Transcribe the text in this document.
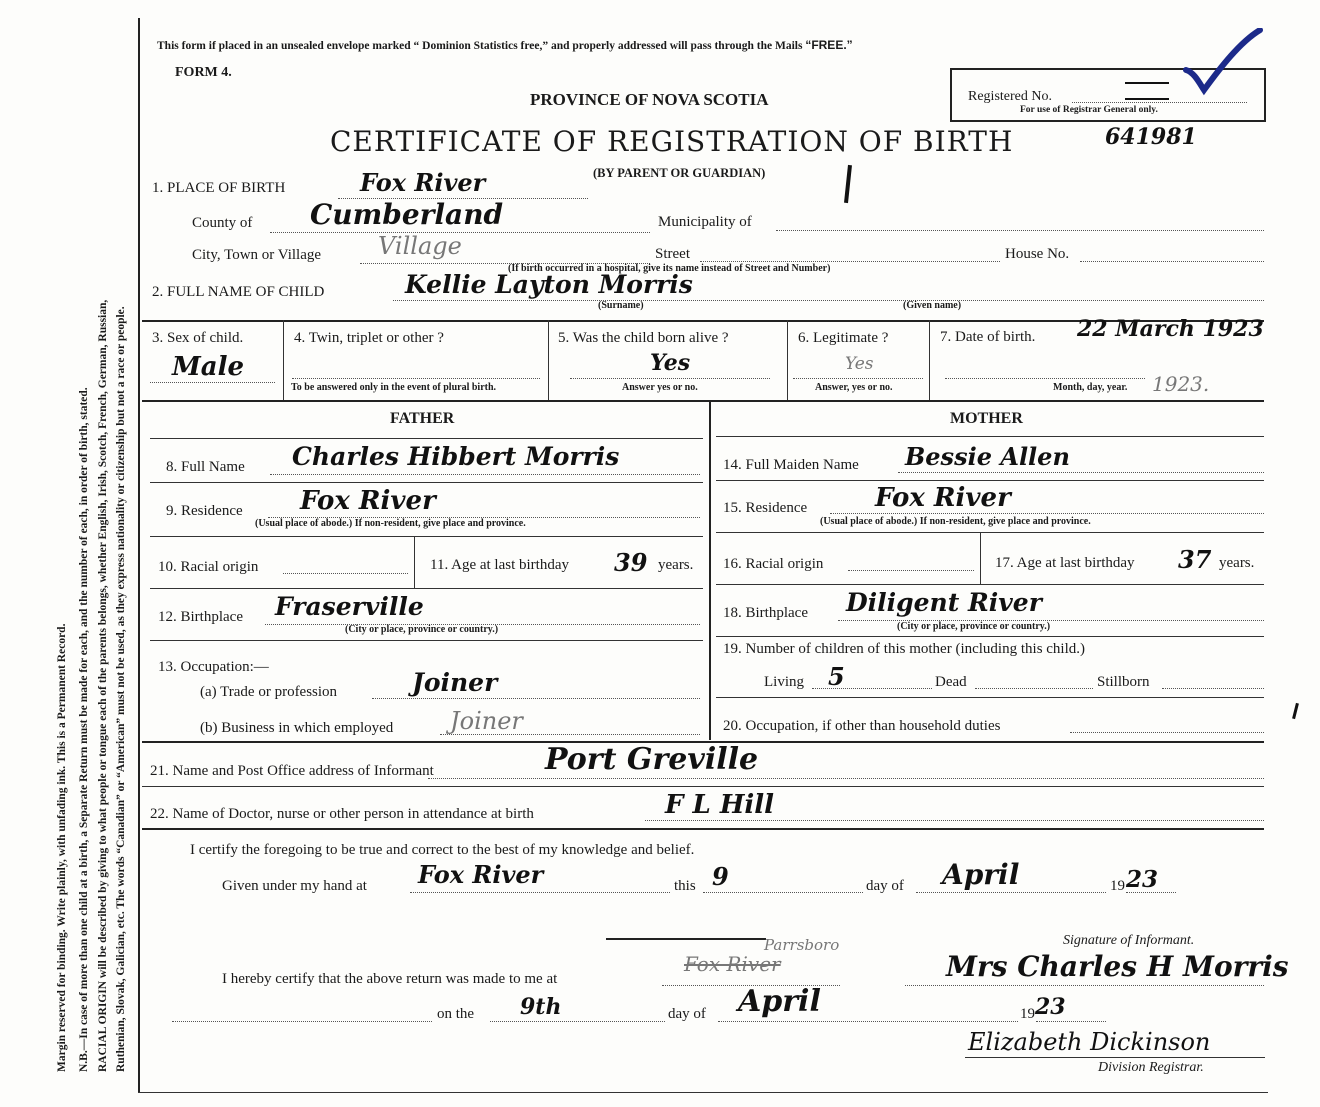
Margin reserved for binding. Write plainly, with unfading ink. This is a Permanent Record. N.B.—In case of more than one child at a birth, a Separate Return must be made for each, and the number of each, in order of birth, stated. RACIAL ORIGIN will be described by giving to what people or tongue each of the parents belongs, whether English, Irish, Scotch, French, German, Russian, Ruthenian, Slovak, Galician, etc. The words “Canadian” or “American” must not be used, as they express nationality or citizenship but not a race or people.
This form if placed in an unsealed envelope marked “ Dominion Statistics free,” and properly addressed will pass through the Mails “FREE.”
FORM 4.
Registered No.
For use of Registrar General only.
PROVINCE OF NOVA SCOTIA
CERTIFICATE OF REGISTRATION OF BIRTH	641981
(BY PARENT OR GUARDIAN)
1. PLACE OF BIRTH	Fox River
County of Cumberland	Municipality of
City, Town or Village Village	Street	House No.
(If birth occurred in a hospital, give its name instead of Street and Number)
2. FULL NAME OF CHILD	Kellie Layton Morris
(Surname)	(Given name)
3. Sex of child.
Male
4. Twin, triplet or other ?
To be answered only in the event of plural birth.
5. Was the child born alive ?
Yes
Answer yes or no.
6. Legitimate ?
Yes
Answer, yes or no.
7. Date of birth. 22 March 1923
Month, day, year. 1923.
FATHER	MOTHER
8. Full Name Charles Hibbert Morris
9. Residence Fox River
(Usual place of abode.) If non-resident, give place and province.
10. Racial origin	11. Age at last birthday 39 years.
12. Birthplace Fraserville
(City or place, province or country.)
13. Occupation:—
(a) Trade or profession	Joiner
(b) Business in which employed Joiner
14. Full Maiden Name Bessie Allen
15. Residence	Fox River
(Usual place of abode.) If non-resident, give place and province.
16. Racial origin	17. Age at last birthday 37 years.
18. Birthplace Diligent River
(City or place, province or country.)
19. Number of children of this mother (including this child.)
Living 5	Dead	Stillborn
20. Occupation, if other than household duties
21. Name and Post Office address of Informant	Port Greville
22. Name of Doctor, nurse or other person in attendance at birth	F L Hill
I certify the foregoing to be true and correct to the best of my knowledge and belief.
Given under my hand at Fox River	this 9	day of April	19 23
Signature of Informant.
I hereby certify that the above return was made to me at
Parrsboro
Fox River	Mrs Charles H Morris
on the 9th	day of April	19 23
Elizabeth Dickinson
Division Registrar.
